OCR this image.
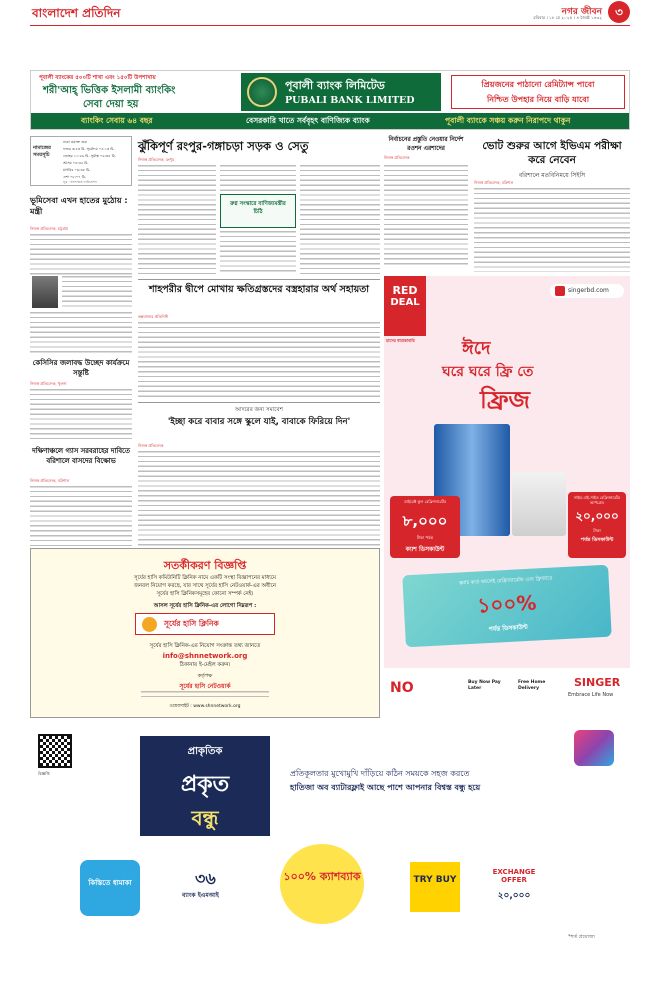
বাংলাদেশ প্রতিদিন	নগর জীবন
রবিবার । ১৮ মে ২০২৫ । ৪ জ্যৈষ্ঠ ১৪৩২	৩
পূবালী ব্যাংকের ৫০০টি শাখা এবং ১৫০টি উপশাখায়
শরী'আহ্ ভিত্তিক ইসলামী ব্যাংকিং
সেবা দেয়া হয়
পূবালী ব্যাংক লিমিটেড
PUBALI BANK LIMITED
প্রিয়জনের পাঠানো রেমিট্যান্স পাবো
নিশ্চিত উপহার নিয়ে বাড়ি যাবো
ব্যাংকিং সেবায় ৬৪ বছর	বেসরকারি খাতে সর্ববৃহৎ বাণিজ্যিক ব্যাংক	পূবালী ব্যাংকে সঞ্চয় করুন নিরাপদে থাকুন
নামাজের সময়সূচি
ঢাকা ওয়াক্ত শুরু
ফজর ৩:৫৩ মি. সূর্যোদয় ০৫:১৩ মি.
জোহর ১১:৫৯ মি. সূর্যাস্ত ০৬:৩৪ মি.
আসর ০৪:৩৫ মি.
মাগরিব ০৬:৩৮ মি.
এশা ০৮:০৭ মি.
সূত্র : ইসলামিক ফাউন্ডেশন
ভূমিসেবা এখন হাতের মুঠোয় : মন্ত্রী
নিজস্ব প্রতিবেদক, চট্টগ্রাম
কেসিসির জলাবদ্ধ উচ্ছেদ কার্যক্রমে সন্তুষ্টি
নিজস্ব প্রতিবেদক, খুলনা
দক্ষিণাঞ্চলে গ্যাস সরবরাহের দাবিতে বরিশালে বাসদের বিক্ষোভ
নিজস্ব প্রতিবেদক, বরিশাল
ঝুঁকিপূর্ণ রংপুর-গঙ্গাচড়া সড়ক ও সেতু
নিজস্ব প্রতিবেদক, রংপুর
রুগ্ন সংস্কারে বাণিজ্যমন্ত্রীর চিঠি
শাহপরীর দ্বীপে মোখায় ক্ষতিগ্রস্তদের বস্ত্রহারার অর্থ সহায়তা
কক্সবাজার প্রতিনিধি
আদরের জন্য সমাবেশ
'ইচ্ছা করে বাবার সঙ্গে স্কুলে যাই, বাবাকে ফিরিয়ে দিন'
নিজস্ব প্রতিবেদক
নির্বাচনের প্রস্তুতি নেওয়ার নির্দেশ রওশন এরশাদের
নিজস্ব প্রতিবেদক
ভোট শুরুর আগে ইভিএম পরীক্ষা করে নেবেন
বরিশালে মতবিনিময়ে সিইসি
নিজস্ব প্রতিবেদক, বরিশাল
RED
DEAL
মাসের ধামাকাবারি
singerbd.com
ঈদে
ঘরে ঘরে ফ্রি তে
ফ্রিজ
ডাইরেক্ট কুল রেফ্রিজারেটর
৮,০০০
টাকা পর্যন্ত
ক্যাশ ডিসকাউন্ট
সাইড-বাই-সাইড রেফ্রিজারেটর আপগ্রেড
২০,০০০
টাকা
পর্যন্ত ডিসকাউন্ট
স্ক্র্যাচ কার্ড ঘষলেই রেফ্রিজারেটর এবং ফ্রিজারে
১০০%
পর্যন্ত ডিসকাউন্ট
NO	Buy Now Pay Later
Free Home Delivery	SINGER
Embrace Life Now
সতর্কীকরণ বিজ্ঞপ্তি
সূর্যের হাসি কমিউনিটি ক্লিনিক নামে একটি সংস্থা বিজ্ঞাপনের মাধ্যমে
জনবল নিয়োগ করছে, যার সাথে সূর্যের হাসি নেটওয়ার্ক-এর অধীনে
সূর্যের হাসি ক্লিনিকসমূহের কোনো সম্পর্ক নেই।
আসল সূর্যের হাসি ক্লিনিক-এর লোগো নিম্নরূপ :
সূর্যের হাসি ক্লিনিক
সূর্যের হাসি ক্লিনিক-এর নিয়োগ সংক্রান্ত তথ্য জানতে
info@shnnetwork.org
ঠিকানায় ই-মেইল করুন।
কর্তৃপক্ষ
সূর্যের হাসি নেটওয়ার্ক
ওয়েবসাইট : www.shnnetwork.org
বিজ্ঞপ্তি
প্রাকৃতিক
প্রকৃত
বন্ধু
প্রতিকূলতার মুখোমুখি দাঁড়িয়ে কঠিন সময়কে সহজ করতে
হাতিজা অব ব্যাটারফ্লাই আছে পাশে আপনার বিশ্বস্ত বন্ধু হয়ে
কিস্তিতে ধামাকা	৩৬
ব্যাংক ইএমআই
১০০% ক্যাশব্যাক	TRY BUY
EXCHANGE OFFER
২০,০০০
*শর্ত প্রযোজ্য
